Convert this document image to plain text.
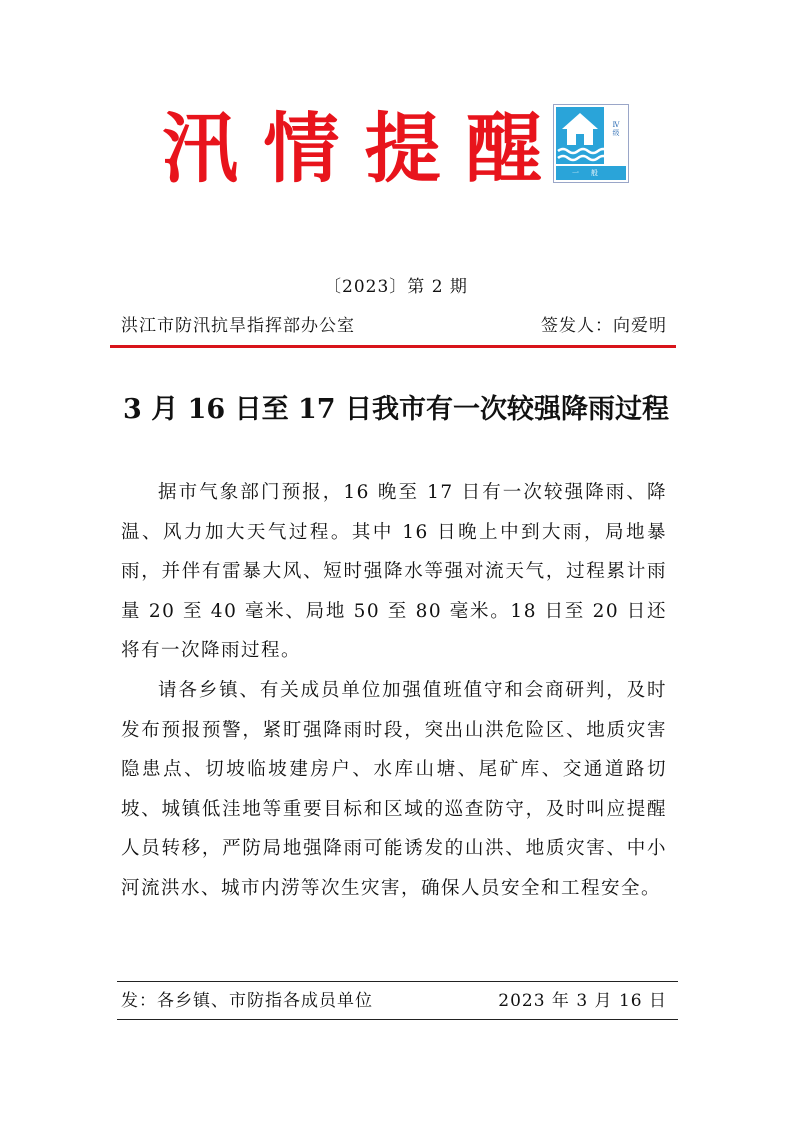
汛 情 提 醒	Ⅳ级
一般
〔2023〕第 2 期
洪江市防汛抗旱指挥部办公室	签发人：向爱明
3 月 16 日至 17 日我市有一次较强降雨过程

据市气象部门预报，16 晚至 17 日有一次较强降雨、降温、风力加大天气过程。其中 16 日晚上中到大雨，局地暴雨，并伴有雷暴大风、短时强降水等强对流天气，过程累计雨量 20 至 40 毫米、局地 50 至 80 毫米。18 日至 20 日还将有一次降雨过程。

请各乡镇、有关成员单位加强值班值守和会商研判，及时发布预报预警，紧盯强降雨时段，突出山洪危险区、地质灾害隐患点、切坡临坡建房户、水库山塘、尾矿库、交通道路切坡、城镇低洼地等重要目标和区域的巡查防守，及时叫应提醒人员转移，严防局地强降雨可能诱发的山洪、地质灾害、中小河流洪水、城市内涝等次生灾害，确保人员安全和工程安全。

发：各乡镇、市防指各成员单位	2023 年 3 月 16 日
